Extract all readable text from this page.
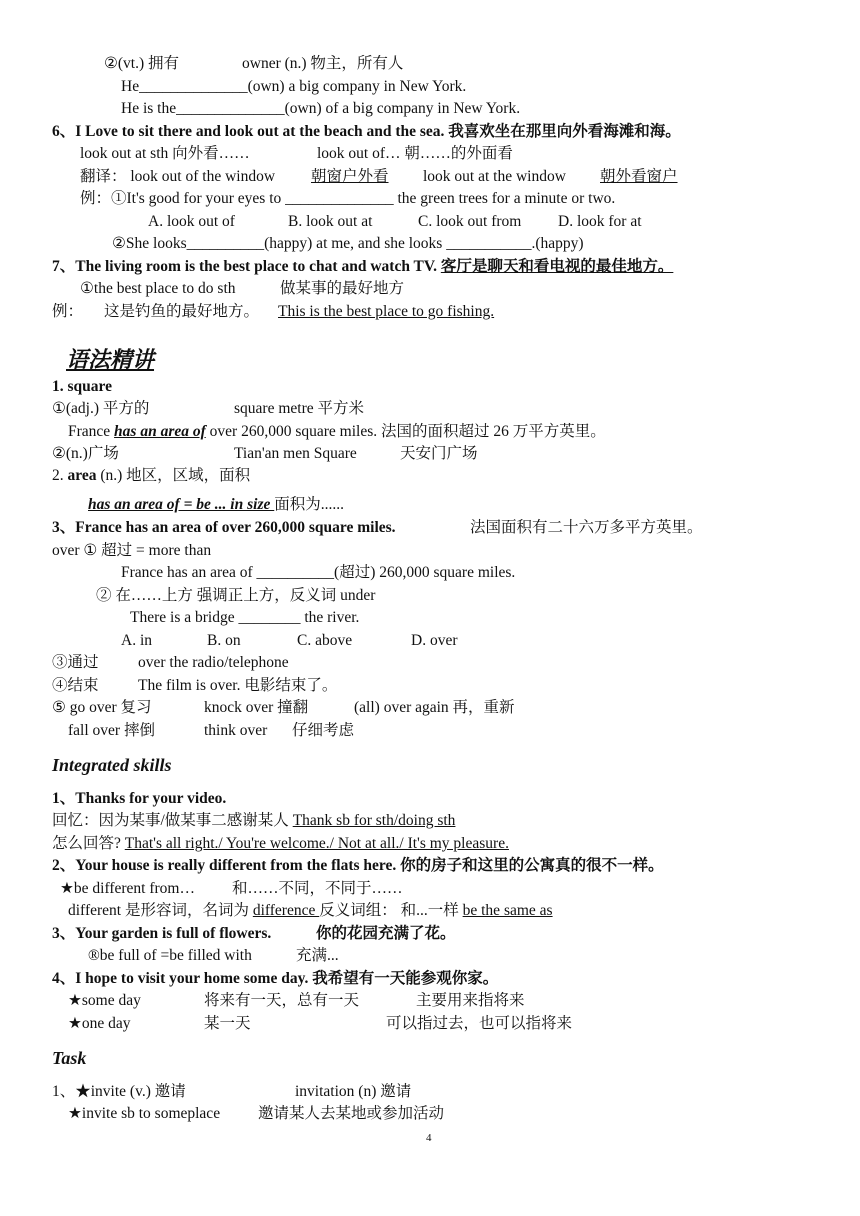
②(vt.) 拥有	owner (n.) 物主，所有人
He______________(own) a big company in New York.
He is the______________(own) of a big company in New York.
6、I Love to sit there and look out at the beach and the sea. 我喜欢坐在那里向外看海滩和海。
look out at sth 向外看……	look out of… 朝……的外面看
翻译： look out of the window 朝窗户外看 look out at the window 朝外看窗户
例：①It's good for your eyes to ______________ the green trees for a minute or two.
A. look out of	B. look out at	C. look out from D. look for at
②She looks__________(happy) at me, and she looks ___________.(happy)
7、The living room is the best place to chat and watch TV. 客厅是聊天和看电视的最佳地方。
①the best place to do sth	做某事的最好地方
例： 这是钓鱼的最好地方。 This is the best place to go fishing.
语法精讲
1. square
①(adj.) 平方的	square metre 平方米
France has an area of over 260,000 square miles. 法国的面积超过 26 万平方英里。
②(n.)广场	Tian'an men Square	天安门广场
2. area (n.) 地区，区域，面积
has an area of = be ... in size 面积为......
3、France has an area of over 260,000 square miles.	法国面积有二十六万多平方英里。
over ① 超过 = more than
France has an area of __________(超过) 260,000 square miles.
② 在……上方 强调正上方，反义词 under
There is a bridge ________ the river.
A. in	B. on	C. above	D. over
③通过	over the radio/telephone
④结束	The film is over. 电影结束了。
⑤ go over 复习	knock over 撞翻	(all) over again 再，重新
fall over 摔倒	think over 仔细考虑
Integrated skills
1、Thanks for your video.
回忆：因为某事/做某事二感谢某人 Thank sb for sth/doing sth
怎么回答? That's all right./ You're welcome./ Not at all./ It's my pleasure.
2、Your house is really different from the flats here. 你的房子和这里的公寓真的很不一样。
★be different from… 和……不同，不同于……
different 是形容词，名词为 difference 反义词组： 和...一样 be the same as
3、Your garden is full of flowers.	你的花园充满了花。
®be full of =be filled with	充满...
4、I hope to visit your home some day. 我希望有一天能参观你家。
★some day	将来有一天，总有一天	主要用来指将来
★one day	某一天	可以指过去，也可以指将来
Task
1、★invite (v.) 邀请	invitation (n) 邀请
★invite sb to someplace 邀请某人去某地或参加活动
4
